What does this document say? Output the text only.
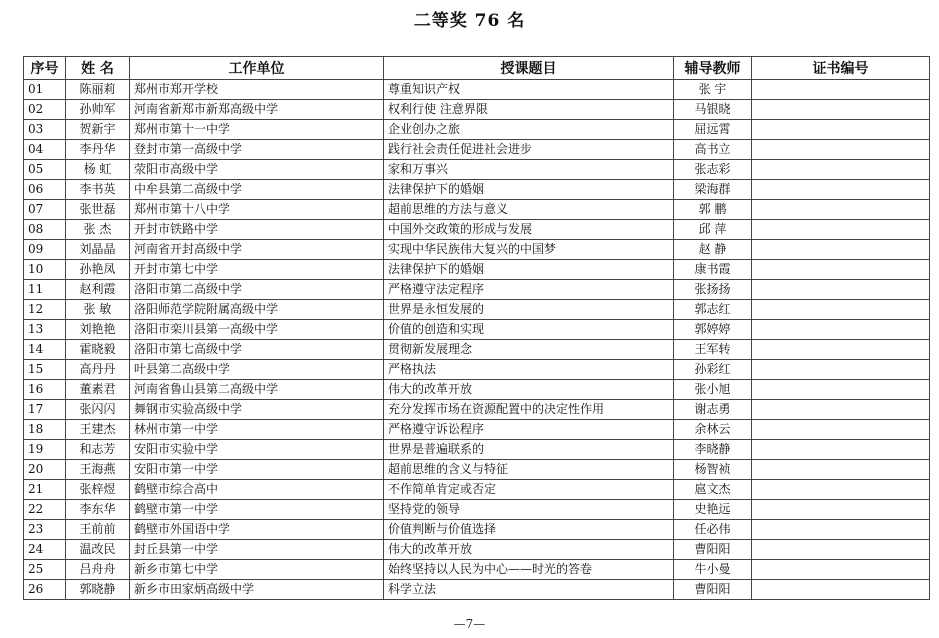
二等奖 76 名
序号	姓 名	工作单位	授课题目	辅导教师	证书编号
01	陈丽莉	郑州市郑开学校	尊重知识产权	张 宇	
02	孙帅军	河南省新郑市新郑高级中学	权利行使 注意界限	马银晓	
03	贺新宇	郑州市第十一中学	企业创办之旅	屈远霄	
04	李丹华	登封市第一高级中学	践行社会责任促进社会进步	高书立	
05	杨 虹	荥阳市高级中学	家和万事兴	张志彩	
06	李书英	中牟县第二高级中学	法律保护下的婚姻	梁海群	
07	张世磊	郑州市第十八中学	超前思维的方法与意义	郭 鹏	
08	张 杰	开封市铁路中学	中国外交政策的形成与发展	邱 萍	
09	刘晶晶	河南省开封高级中学	实现中华民族伟大复兴的中国梦	赵 静	
10	孙艳凤	开封市第七中学	法律保护下的婚姻	康书霞	
11	赵利霞	洛阳市第二高级中学	严格遵守法定程序	张扬扬	
12	张 敏	洛阳师范学院附属高级中学	世界是永恒发展的	郭志红	
13	刘艳艳	洛阳市栾川县第一高级中学	价值的创造和实现	郭婷婷	
14	霍晓毅	洛阳市第七高级中学	贯彻新发展理念	王军转	
15	高丹丹	叶县第二高级中学	严格执法	孙彩红	
16	董素君	河南省鲁山县第二高级中学	伟大的改革开放	张小旭	
17	张闪闪	舞钢市实验高级中学	充分发挥市场在资源配置中的决定性作用	谢志勇	
18	王建杰	林州市第一中学	严格遵守诉讼程序	余林云	
19	和志芳	安阳市实验中学	世界是普遍联系的	李晓静	
20	王海燕	安阳市第一中学	超前思维的含义与特征	杨智祯	
21	张梓煜	鹤壁市综合高中	不作简单肯定或否定	扈文杰	
22	李东华	鹤壁市第一中学	坚持党的领导	史艳远	
23	王前前	鹤壁市外国语中学	价值判断与价值选择	任必伟	
24	温改民	封丘县第一中学	伟大的改革开放	曹阳阳	
25	吕舟舟	新乡市第七中学	始终坚持以人民为中心——时光的答卷	牛小曼	
26	郭晓静	新乡市田家炳高级中学	科学立法	曹阳阳	
—7—
